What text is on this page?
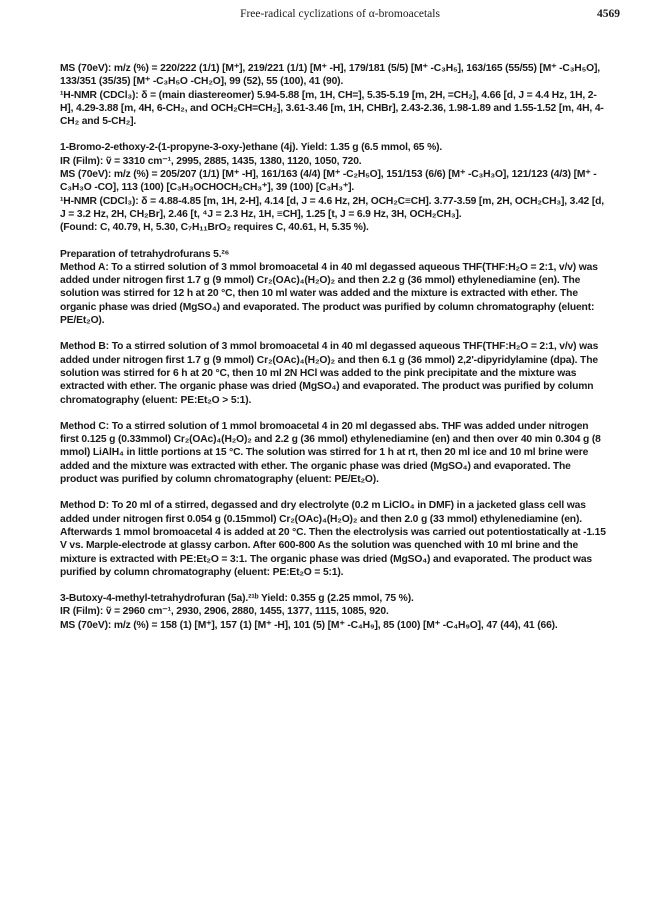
Free-radical cyclizations of α-bromoacetals	4569

MS (70eV): m/z (%) = 220/222 (1/1) [M⁺], 219/221 (1/1) [M⁺ -H], 179/181 (5/5) [M⁺ -C₃H₅], 163/165 (55/55) [M⁺ -C₃H₅O], 133/351 (35/35) [M⁺ -C₃H₅O -CH₂O], 99 (52), 55 (100), 41 (90).
¹H-NMR (CDCl₃): δ = (main diastereomer) 5.94-5.88 [m, 1H, CH=], 5.35-5.19 [m, 2H, =CH₂], 4.66 [d, J = 4.4 Hz, 1H, 2-H], 4.29-3.88 [m, 4H, 6-CH₂, and OCH₂CH=CH₂], 3.61-3.46 [m, 1H, CHBr], 2.43-2.36, 1.98-1.89 and 1.55-1.52 [m, 4H, 4-CH₂ and 5-CH₂].

1-Bromo-2-ethoxy-2-(1-propyne-3-oxy-)ethane (4j). Yield: 1.35 g (6.5 mmol, 65 %).
IR (Film): ṽ = 3310 cm⁻¹, 2995, 2885, 1435, 1380, 1120, 1050, 720.
MS (70eV): m/z (%) = 205/207 (1/1) [M⁺ -H], 161/163 (4/4) [M⁺ -C₂H₅O], 151/153 (6/6) [M⁺ -C₃H₃O], 121/123 (4/3) [M⁺ -C₃H₃O -CO], 113 (100) [C₃H₃OCHOCH₂CH₃⁺], 39 (100) [C₃H₃⁺].
¹H-NMR (CDCl₃): δ = 4.88-4.85 [m, 1H, 2-H], 4.14 [d, J = 4.6 Hz, 2H, OCH₂C≡CH]. 3.77-3.59 [m, 2H, OCH₂CH₃], 3.42 [d, J = 3.2 Hz, 2H, CH₂Br], 2.46 [t, ⁴J = 2.3 Hz, 1H, ≡CH], 1.25 [t, J = 6.9 Hz, 3H, OCH₂CH₃].
(Found: C, 40.79, H, 5.30, C₇H₁₁BrO₂ requires C, 40.61, H, 5.35 %).

Preparation of tetrahydrofurans 5.²⁶
Method A: To a stirred solution of 3 mmol bromoacetal 4 in 40 ml degassed aqueous THF(THF:H₂O = 2:1, v/v) was added under nitrogen first 1.7 g (9 mmol) Cr₂(OAc)₄(H₂O)₂ and then 2.2 g (36 mmol) ethylenediamine (en). The solution was stirred for 12 h at 20 °C, then 10 ml water was added and the mixture is extracted with ether. The organic phase was dried (MgSO₄) and evaporated. The product was purified by column chromatography (eluent: PE/Et₂O).

Method B: To a stirred solution of 3 mmol bromoacetal 4 in 40 ml degassed aqueous THF(THF:H₂O = 2:1, v/v) was added under nitrogen first 1.7 g (9 mmol) Cr₂(OAc)₄(H₂O)₂ and then 6.1 g (36 mmol) 2,2'-dipyridylamine (dpa). The solution was stirred for 6 h at 20 °C, then 10 ml 2N HCl was added to the pink precipitate and the mixture was extracted with ether. The organic phase was dried (MgSO₄) and evaporated. The product was purified by column chromatography (eluent: PE:Et₂O > 5:1).

Method C: To a stirred solution of 1 mmol bromoacetal 4 in 20 ml degassed abs. THF was added under nitrogen first 0.125 g (0.33mmol) Cr₂(OAc)₄(H₂O)₂ and 2.2 g (36 mmol) ethylenediamine (en) and then over 40 min 0.304 g (8 mmol) LiAlH₄ in little portions at 15 °C. The solution was stirred for 1 h at rt, then 20 ml ice and 10 ml brine were added and the mixture was extracted with ether. The organic phase was dried (MgSO₄) and evaporated. The product was purified by column chromatography (eluent: PE/Et₂O).

Method D: To 20 ml of a stirred, degassed and dry electrolyte (0.2 m LiClO₄ in DMF) in a jacketed glass cell was added under nitrogen first 0.054 g (0.15mmol) Cr₂(OAc)₄(H₂O)₂ and then 2.0 g (33 mmol) ethylenediamine (en). Afterwards 1 mmol bromoacetal 4 is added at 20 °C. Then the electrolysis was carried out potentiostatically at -1.15 V vs. Marple-electrode at glassy carbon. After 600-800 As the solution was quenched with 10 ml brine and the mixture is extracted with PE:Et₂O = 3:1. The organic phase was dried (MgSO₄) and evaporated. The product was purified by column chromatography (eluent: PE:Et₂O = 5:1).

3-Butoxy-4-methyl-tetrahydrofuran (5a).²¹ᵇ Yield: 0.355 g (2.25 mmol, 75 %).
IR (Film): ṽ = 2960 cm⁻¹, 2930, 2906, 2880, 1455, 1377, 1115, 1085, 920.
MS (70eV): m/z (%) = 158 (1) [M⁺], 157 (1) [M⁺ -H], 101 (5) [M⁺ -C₄H₉], 85 (100) [M⁺ -C₄H₉O], 47 (44), 41 (66).
